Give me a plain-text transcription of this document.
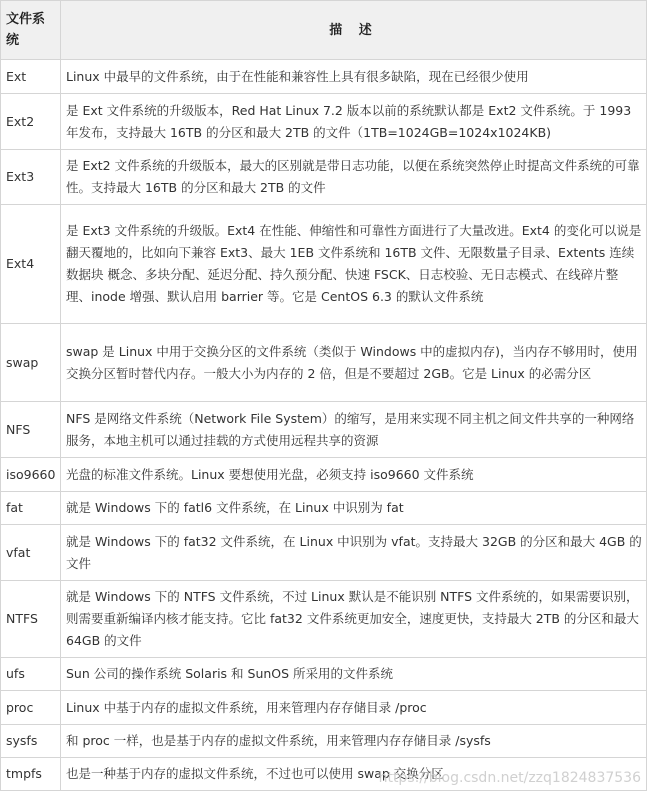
文件系统	描 述
Ext	Linux 中最早的文件系统，由于在性能和兼容性上具有很多缺陷，现在已经很少使用
Ext2	是 Ext 文件系统的升级版本，Red Hat Linux 7.2 版本以前的系统默认都是 Ext2 文件系统。于 1993 年发布，支持最大 16TB 的分区和最大 2TB 的文件（1TB=1024GB=1024x1024KB)
Ext3	是 Ext2 文件系统的升级版本，最大的区别就是带日志功能，以便在系统突然停止时提高文件系统的可靠性。支持最大 16TB 的分区和最大 2TB 的文件
Ext4	是 Ext3 文件系统的升级版。Ext4 在性能、伸缩性和可靠性方面进行了大量改进。Ext4 的变化可以说是翻天覆地的，比如向下兼容 Ext3、最大 1EB 文件系统和 16TB 文件、无限数量子目录、Extents 连续数据块 概念、多块分配、延迟分配、持久预分配、快速 FSCK、日志校验、无日志模式、在线碎片整理、inode 增强、默认启用 barrier 等。它是 CentOS 6.3 的默认文件系统
swap	swap 是 Linux 中用于交换分区的文件系统（类似于 Windows 中的虚拟内存)，当内存不够用时，使用交换分区暂时替代内存。一般大小为内存的 2 倍，但是不要超过 2GB。它是 Linux 的必需分区
NFS	NFS 是网络文件系统（Network File System）的缩写，是用来实现不同主机之间文件共享的一种网络服务，本地主机可以通过挂载的方式使用远程共享的资源
iso9660	光盘的标准文件系统。Linux 要想使用光盘，必须支持 iso9660 文件系统
fat	就是 Windows 下的 fatl6 文件系统，在 Linux 中识别为 fat
vfat	就是 Windows 下的 fat32 文件系统，在 Linux 中识别为 vfat。支持最大 32GB 的分区和最大 4GB 的文件
NTFS	就是 Windows 下的 NTFS 文件系统，不过 Linux 默认是不能识别 NTFS 文件系统的，如果需要识别，则需要重新编译内核才能支持。它比 fat32 文件系统更加安全，速度更快，支持最大 2TB 的分区和最大 64GB 的文件
ufs	Sun 公司的操作系统 Solaris 和 SunOS 所采用的文件系统
proc	Linux 中基于内存的虚拟文件系统，用来管理内存存储目录 /proc
sysfs	和 proc 一样，也是基于内存的虚拟文件系统，用来管理内存存储目录 /sysfs
tmpfs	也是一种基于内存的虚拟文件系统，不过也可以使用 swap 交换分区
https://blog.csdn.net/zzq1824837536
